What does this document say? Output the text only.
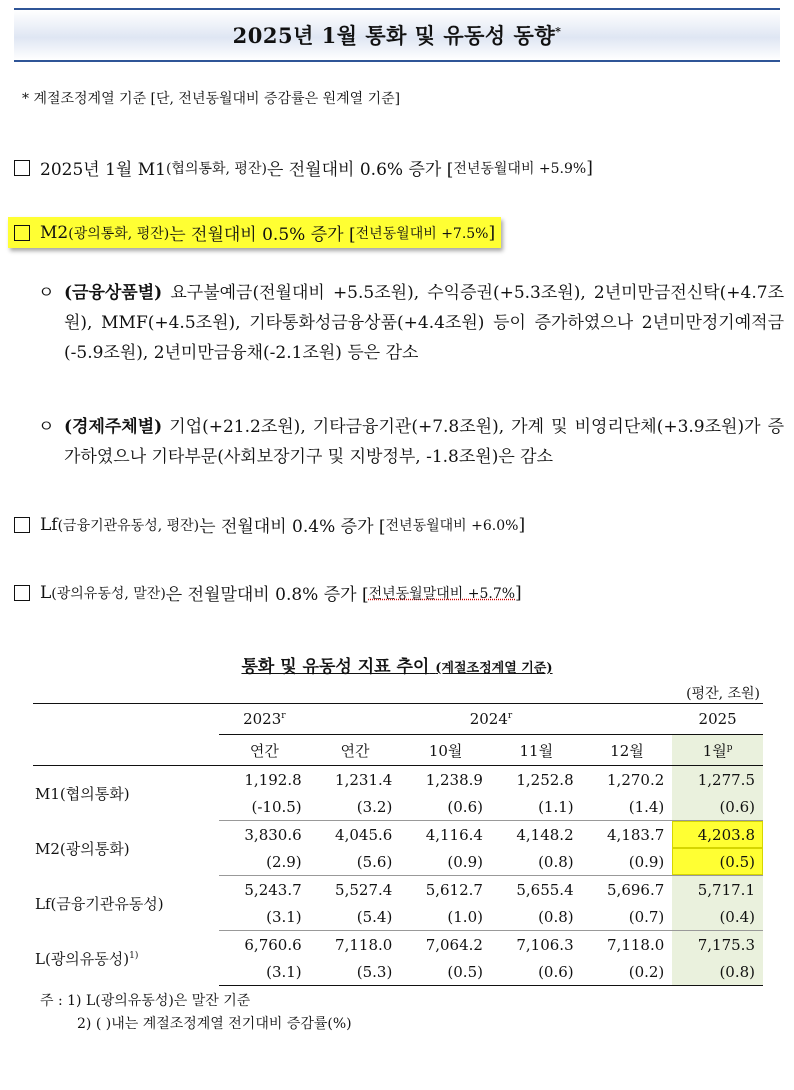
2025년 1월 통화 및 유동성 동향*
* 계절조정계열 기준 [단, 전년동월대비 증감률은 원계열 기준]
2025년 1월 M1 (협의통화, 평잔) 은 전월대비 0.6% 증가 [ 전년동월대비 +5.9% ]
M2 (광의통화, 평잔) 는 전월대비 0.5% 증가 [ 전년동월대비 +7.5% ]
ㅇ (금융상품별) 요구불예금(전월대비 +5.5조원), 수익증권(+5.3조원), 2년미만금전신탁(+4.7조원), MMF(+4.5조원), 기타통화성금융상품(+4.4조원) 등이 증가하였으나 2년미만정기예적금(-5.9조원), 2년미만금융채(-2.1조원) 등은 감소
ㅇ (경제주체별) 기업(+21.2조원), 기타금융기관(+7.8조원), 가계 및 비영리단체(+3.9조원)가 증가하였으나 기타부문(사회보장기구 및 지방정부, -1.8조원)은 감소
Lf (금융기관유동성, 평잔) 는 전월대비 0.4% 증가 [ 전년동월대비 +6.0% ]
L (광의유동성, 말잔) 은 전월말대비 0.8% 증가 [ 전년동월말대비 +5.7% ]
통화 및 유동성 지표 추이 (계절조정계열 기준)
(평잔, 조원)
	2023$^r$	2024$^r$				2025
	연간	연간	10월	11월	12월	1월$^p$
M1(협의통화)	1,192.8	1,231.4	1,238.9	1,252.8	1,270.2	1,277.5
	(-10.5)	(3.2)	(0.6)	(1.1)	(1.4)	(0.6)
M2(광의통화)	3,830.6	4,045.6	4,116.4	4,148.2	4,183.7	4,203.8
	(2.9)	(5.6)	(0.9)	(0.8)	(0.9)	(0.5)
Lf(금융기관유동성)	5,243.7	5,527.4	5,612.7	5,655.4	5,696.7	5,717.1
	(3.1)	(5.4)	(1.0)	(0.8)	(0.7)	(0.4)
L(광의유동성)$^{1)}$	6,760.6	7,118.0	7,064.2	7,106.3	7,118.0	7,175.3
	(3.1)	(5.3)	(0.5)	(0.6)	(0.2)	(0.8)
주 : 1) L(광의유동성)은 말잔 기준
2) ( )내는 계절조정계열 전기대비 증감률(%)
